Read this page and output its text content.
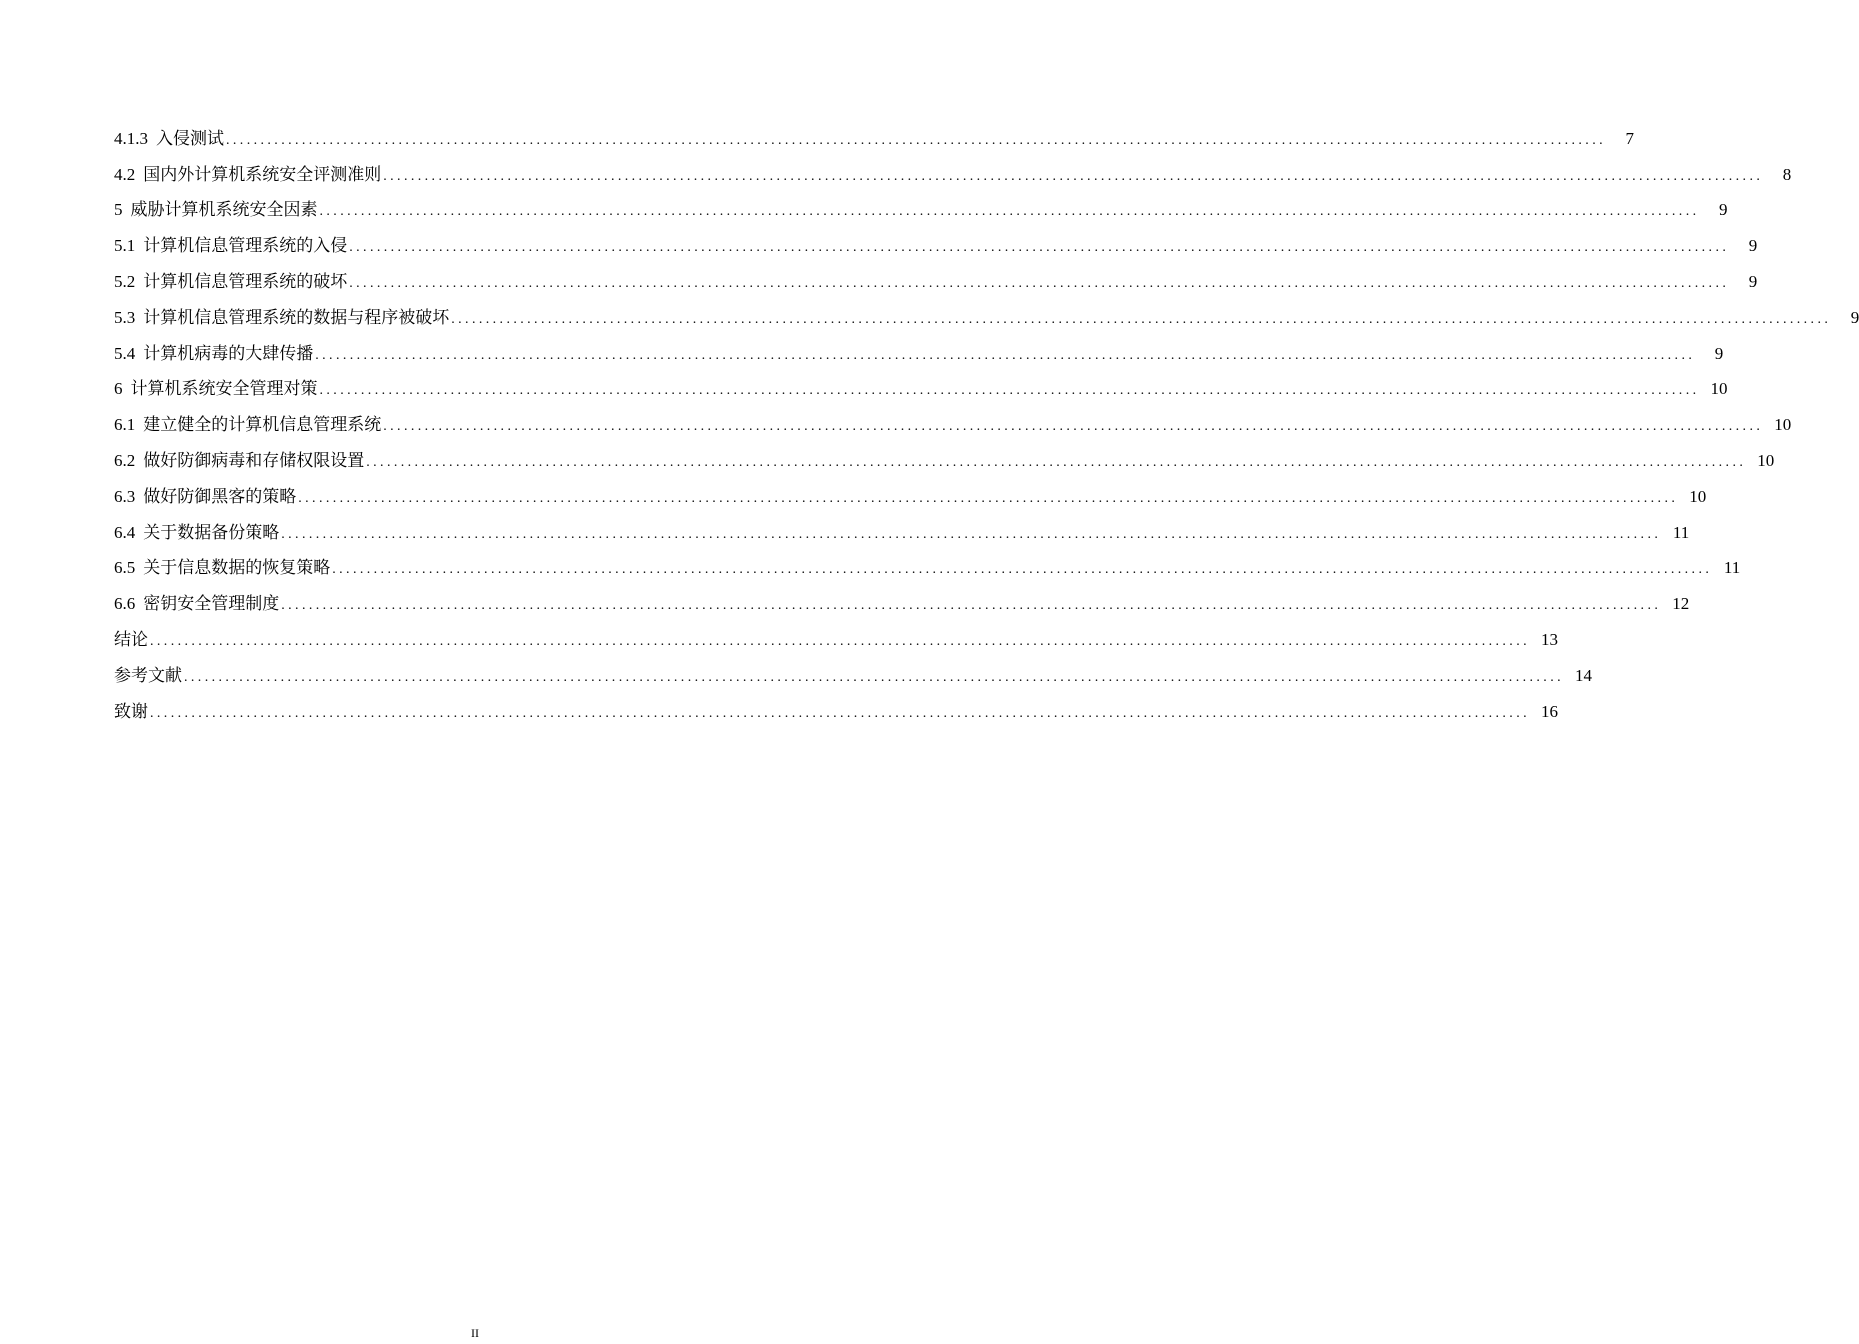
4.1.3 入侵测试 ........................................................................................................................................................................................................	7
4.2 国内外计算机系统安全评测准则 ........................................................................................................................................................................................................	8
5 威胁计算机系统安全因素 ........................................................................................................................................................................................................	9
5.1 计算机信息管理系统的入侵 ........................................................................................................................................................................................................	9
5.2 计算机信息管理系统的破坏 ........................................................................................................................................................................................................	9
5.3 计算机信息管理系统的数据与程序被破坏 ........................................................................................................................................................................................................	9
5.4 计算机病毒的大肆传播 ........................................................................................................................................................................................................	9
6 计算机系统安全管理对策 ........................................................................................................................................................................................................ 10
6.1 建立健全的计算机信息管理系统 ........................................................................................................................................................................................................ 10
6.2 做好防御病毒和存储权限设置 ........................................................................................................................................................................................................ 10
6.3 做好防御黑客的策略 ........................................................................................................................................................................................................ 10
6.4 关于数据备份策略 ........................................................................................................................................................................................................ 11
6.5 关于信息数据的恢复策略 ........................................................................................................................................................................................................ 11
6.6 密钥安全管理制度 ........................................................................................................................................................................................................ 12
结论 ........................................................................................................................................................................................................ 13
参考文献 ........................................................................................................................................................................................................ 14
致谢 ........................................................................................................................................................................................................ 16
II
